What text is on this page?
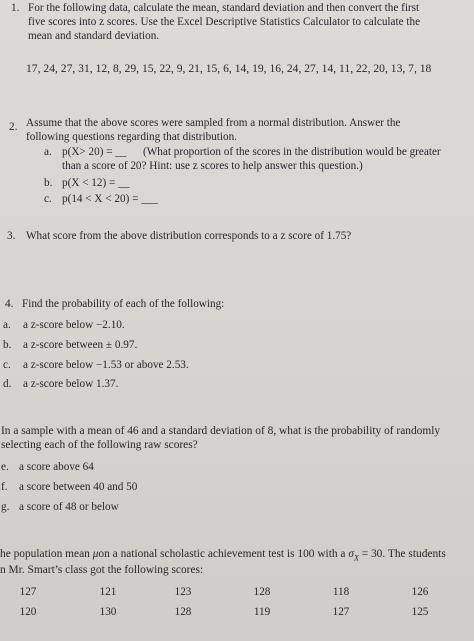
1. For the following data, calculate the mean, standard deviation and then convert the first
five scores into z scores. Use the Excel Descriptive Statistics Calculator to calculate the
mean and standard deviation.
17, 24, 27, 31, 12, 8, 29, 15, 22, 9, 21, 15, 6, 14, 19, 16, 24, 27, 14, 11, 22, 20, 13, 7, 18
2. Assume that the above scores were sampled from a normal distribution. Answer the
following questions regarding that distribution.
a. p(X> 20) = __ (What proportion of the scores in the distribution would be greater
than a score of 20? Hint: use z scores to help answer this question.)
b. p(X < 12) = __
c. p(14 < X < 20) = ___
3. What score from the above distribution corresponds to a z score of 1.75?
4. Find the probability of each of the following:
a.	a z-score below −2.10.
b.	a z-score between ± 0.97.
c.	a z-score below −1.53 or above 2.53.
d.	a z-score below 1.37.
In a sample with a mean of 46 and a standard deviation of 8, what is the probability of randomly
selecting each of the following raw scores?
e. a score above 64
f.	a score between 40 and 50
g. a score of 48 or below
he population mean μon a national scholastic achievement test is 100 with a $\sigma_X = 30$. The students
n Mr. Smart’s class got the following scores:
127	121	123	128	118	126
120	130	128	119	127	125
